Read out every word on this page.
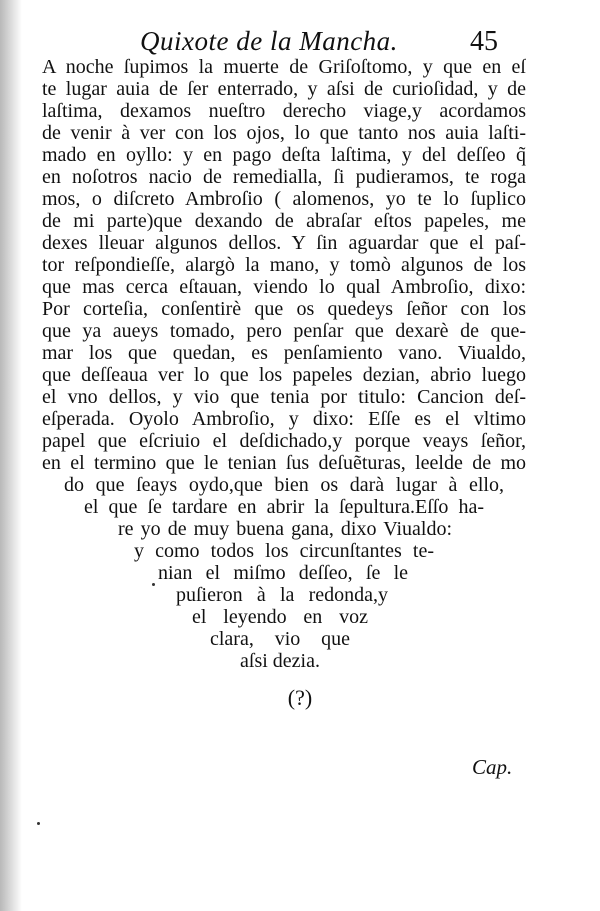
Quixote de la Mancha.	45
A noche ſupimos la muerte de Griſoſtomo, y que en eſ
te lugar auia de ſer enterrado, y aſsi de curioſidad, y de
laſtima, dexamos nueſtro derecho viage,y acordamos
de venir à ver con los ojos, lo que tanto nos auia laſti-
mado en oyllo: y en pago deſta laſtima, y del deſſeo q̃
en noſotros nacio de remedialla, ſi pudieramos, te roga
mos, o diſcreto Ambroſio ( alomenos, yo te lo ſuplico
de mi parte)que dexando de abraſar eſtos papeles, me
dexes lleuar algunos dellos. Y ſin aguardar que el paſ-
tor reſpondieſſe, alargò la mano, y tomò algunos de los
que mas cerca eſtauan, viendo lo qual Ambroſio, dixo:
Por corteſia, conſentirè que os quedeys ſeñor con los
que ya aueys tomado, pero penſar que dexarè de que-
mar los que quedan, es penſamiento vano. Viualdo,
que deſſeaua ver lo que los papeles dezian, abrio luego
el vno dellos, y vio que tenia por titulo: Cancion deſ-
eſperada. Oyolo Ambroſio, y dixo: Eſſe es el vltimo
papel que eſcriuio el deſdichado,y porque veays ſeñor,
en el termino que le tenian ſus deſuẽturas, leelde de mo
do que ſeays oydo,que bien os darà lugar à ello,
el que ſe tardare en abrir la ſepultura.Eſſo ha-
re yo de muy buena gana, dixo Viualdo:
y como todos los circunſtantes te-
nian el miſmo deſſeo, ſe le
puſieron à la redonda,y
el leyendo en voz
clara, vio que
aſsi dezia.
(?)
Cap.
